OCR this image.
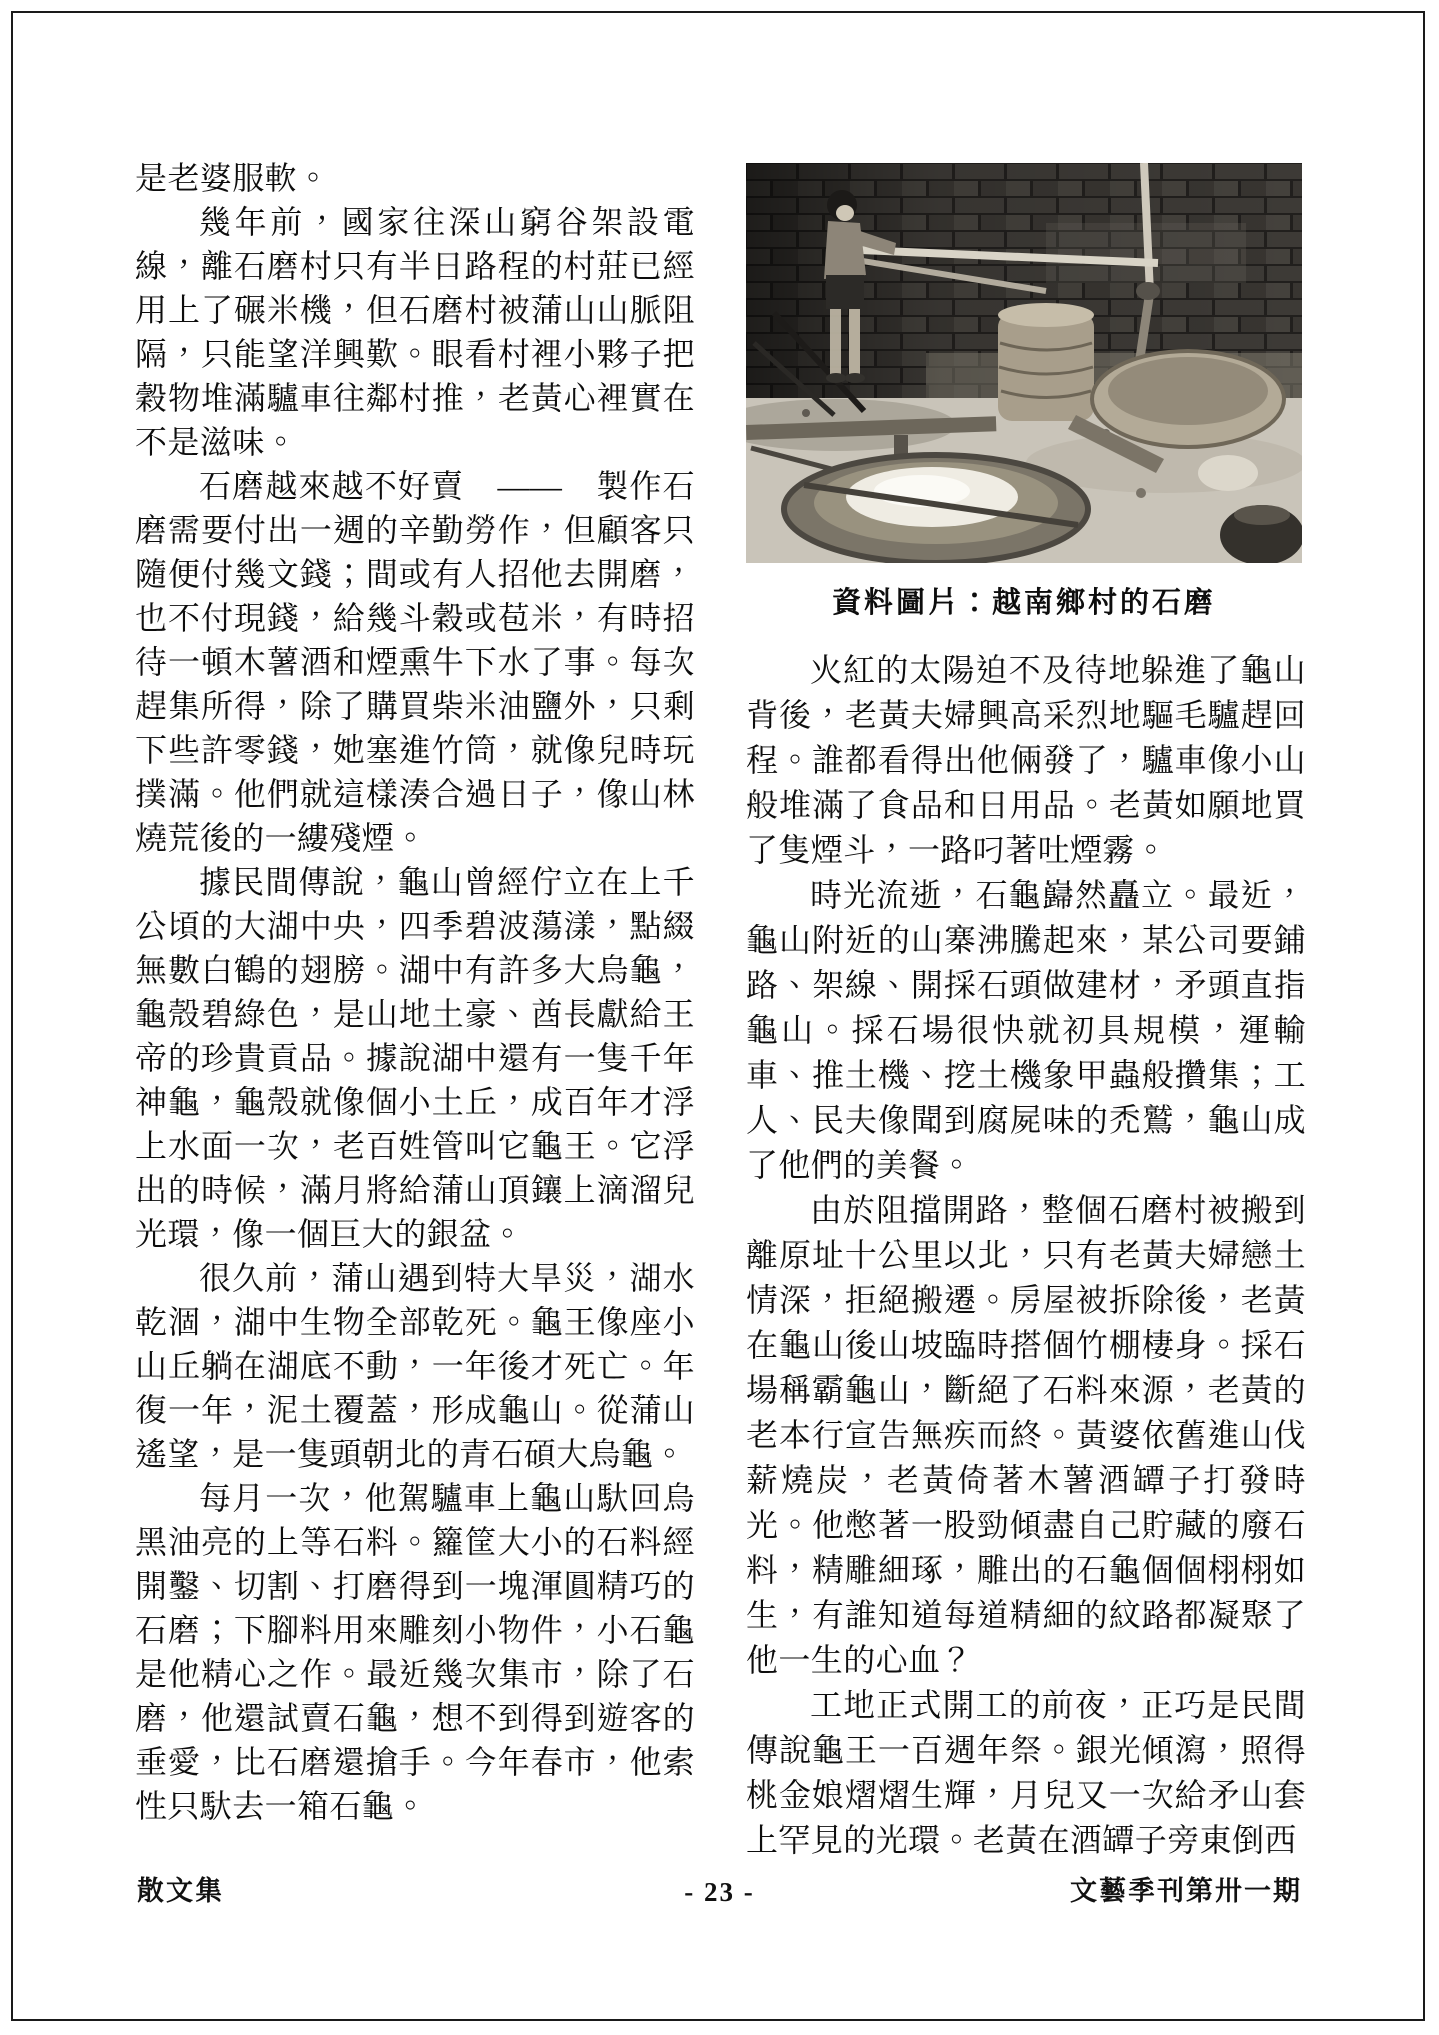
是老婆服軟。

幾年前，國家往深山窮谷架設電線，離石磨村只有半日路程的村莊已經用上了碾米機，但石磨村被蒲山山脈阻隔，只能望洋興歎。眼看村裡小夥子把穀物堆滿驢車往鄰村推，老黃心裡實在不是滋味。

石磨越來越不好賣　——　製作石磨需要付出一週的辛勤勞作，但顧客只隨便付幾文錢；間或有人招他去開磨，也不付現錢，給幾斗穀或苞米，有時招待一頓木薯酒和煙熏牛下水了事。每次趕集所得，除了購買柴米油鹽外，只剩下些許零錢，她塞進竹筒，就像兒時玩撲滿。他們就這樣湊合過日子，像山林燒荒後的一縷殘煙。

據民間傳說，龜山曾經佇立在上千公頃的大湖中央，四季碧波蕩漾，點綴無數白鶴的翅膀。湖中有許多大烏龜，龜殼碧綠色，是山地土豪、酋長獻給王帝的珍貴貢品。據說湖中還有一隻千年神龜，龜殼就像個小土丘，成百年才浮上水面一次，老百姓管叫它龜王。它浮出的時候，滿月將給蒲山頂鑲上滴溜兒光環，像一個巨大的銀盆。

很久前，蒲山遇到特大旱災，湖水乾涸，湖中生物全部乾死。龜王像座小山丘躺在湖底不動，一年後才死亡。年復一年，泥土覆蓋，形成龜山。從蒲山遙望，是一隻頭朝北的青石碩大烏龜。

每月一次，他駕驢車上龜山馱回烏黑油亮的上等石料。籮筐大小的石料經開鑿、切割、打磨得到一塊渾圓精巧的石磨；下腳料用來雕刻小物件，小石龜是他精心之作。最近幾次集市，除了石磨，他還試賣石龜，想不到得到遊客的垂愛，比石磨還搶手。今年春市，他索性只馱去一箱石龜。

資料圖片：越南鄉村的石磨

火紅的太陽迫不及待地躲進了龜山背後，老黃夫婦興高采烈地驅毛驢趕回程。誰都看得出他倆發了，驢車像小山般堆滿了食品和日用品。老黃如願地買了隻煙斗，一路叼著吐煙霧。

時光流逝，石龜巋然矗立。最近，龜山附近的山寨沸騰起來，某公司要鋪路、架線、開採石頭做建材，矛頭直指龜山。採石場很快就初具規模，運輸車、推土機、挖土機象甲蟲般攢集；工人、民夫像聞到腐屍味的禿鷲，龜山成了他們的美餐。

由於阻擋開路，整個石磨村被搬到離原址十公里以北，只有老黃夫婦戀土情深，拒絕搬遷。房屋被拆除後，老黃在龜山後山坡臨時搭個竹棚棲身。採石場稱霸龜山，斷絕了石料來源，老黃的老本行宣告無疾而終。黃婆依舊進山伐薪燒炭，老黃倚著木薯酒罈子打發時光。他憋著一股勁傾盡自己貯藏的廢石料，精雕細琢，雕出的石龜個個栩栩如生，有誰知道每道精細的紋路都凝聚了他一生的心血？

工地正式開工的前夜，正巧是民間傳說龜王一百週年祭。銀光傾瀉，照得桃金娘熠熠生輝，月兒又一次給矛山套上罕見的光環。老黃在酒罈子旁東倒西

散文集	- 23 -	文藝季刊第卅一期
